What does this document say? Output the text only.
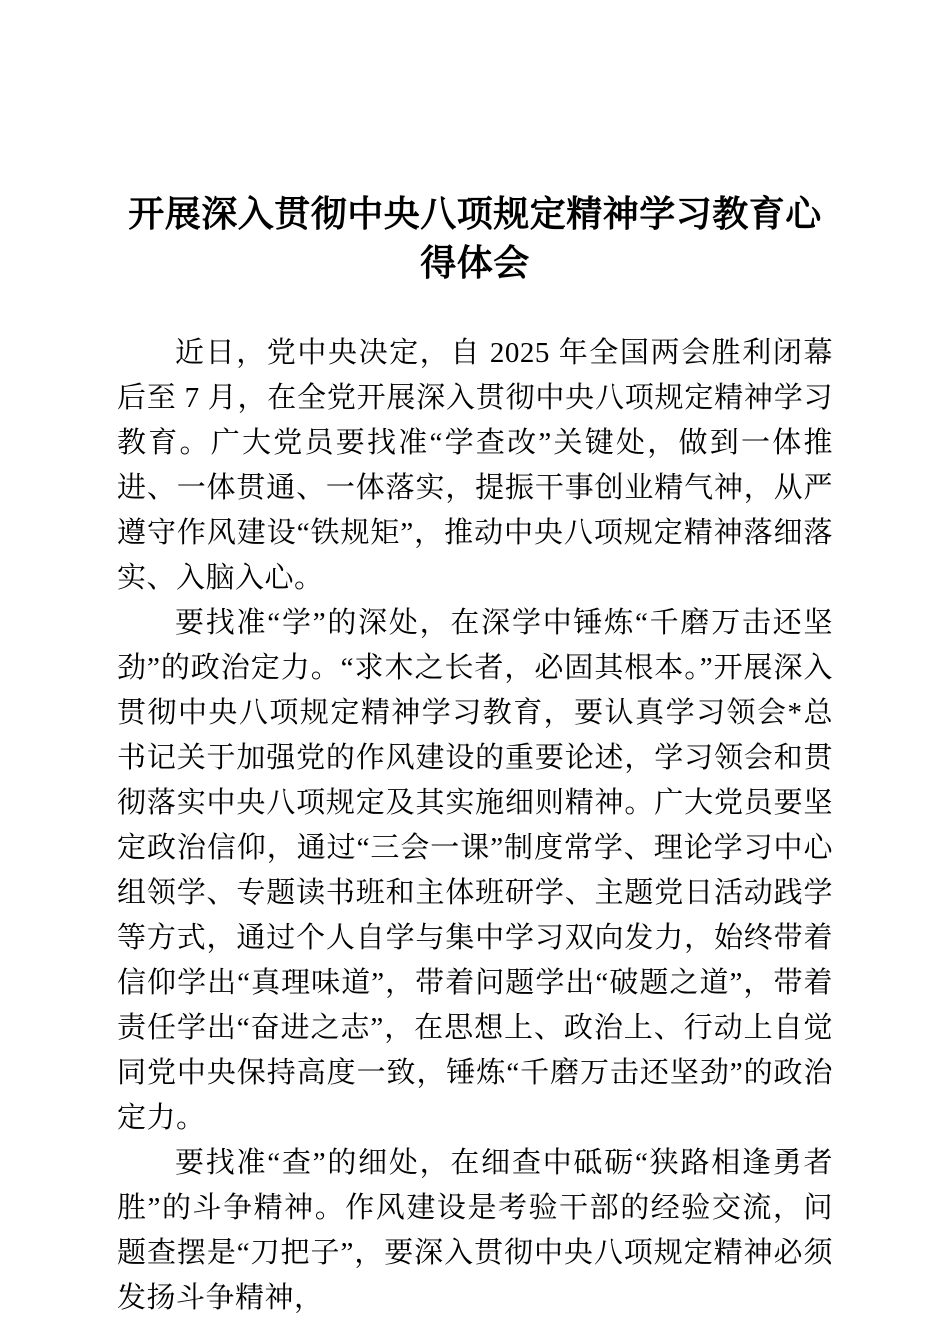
开展深入贯彻中央八项规定精神学习教育心得体会

近日，党中央决定，自 2025 年全国两会胜利闭幕后至 7 月，在全党开展深入贯彻中央八项规定精神学习教育。广大党员要找准“学查改”关键处，做到一体推进、一体贯通、一体落实，提振干事创业精气神，从严遵守作风建设“铁规矩”，推动中央八项规定精神落细落实、入脑入心。

要找准“学”的深处，在深学中锤炼“千磨万击还坚劲”的政治定力。“求木之长者，必固其根本。”开展深入贯彻中央八项规定精神学习教育，要认真学习领会*总书记关于加强党的作风建设的重要论述，学习领会和贯彻落实中央八项规定及其实施细则精神。广大党员要坚定政治信仰，通过“三会一课”制度常学、理论学习中心组领学、专题读书班和主体班研学、主题党日活动践学等方式，通过个人自学与集中学习双向发力，始终带着信仰学出“真理味道”，带着问题学出“破题之道”，带着责任学出“奋进之志”，在思想上、政治上、行动上自觉同党中央保持高度一致，锤炼“千磨万击还坚劲”的政治定力。

要找准“查”的细处，在细查中砥砺“狭路相逢勇者胜”的斗争精神。作风建设是考验干部的经验交流，问题查摆是“刀把子”，要深入贯彻中央八项规定精神必须发扬斗争精神，
